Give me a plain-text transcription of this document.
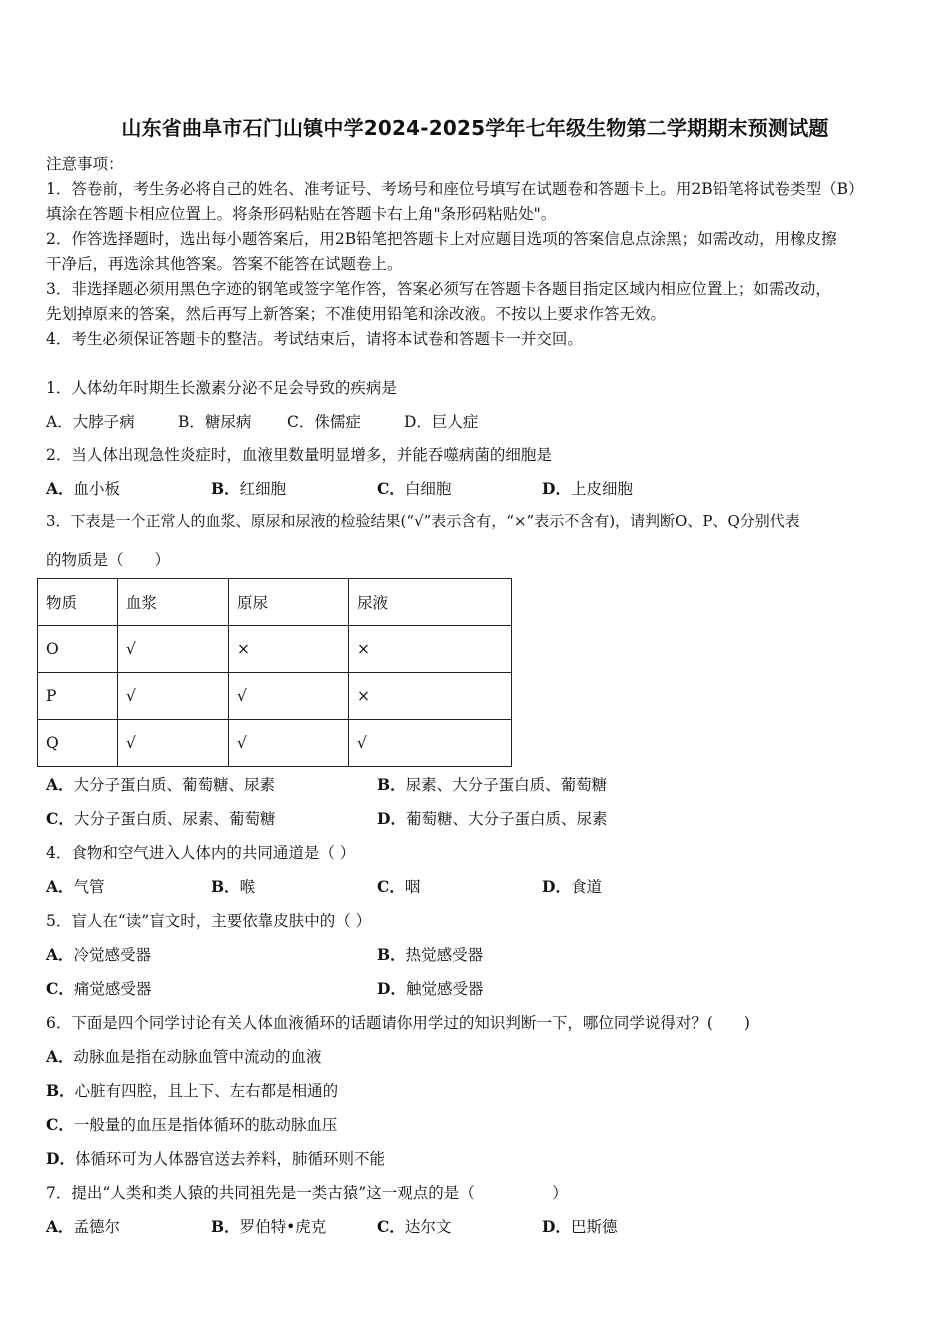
山东省曲阜市石门山镇中学2024-2025学年七年级生物第二学期期末预测试题
注意事项：
1．答卷前，考生务必将自己的姓名、准考证号、考场号和座位号填写在试题卷和答题卡上。用2B铅笔将试卷类型（B）
填涂在答题卡相应位置上。将条形码粘贴在答题卡右上角"条形码粘贴处"。
2．作答选择题时，选出每小题答案后，用2B铅笔把答题卡上对应题目选项的答案信息点涂黑；如需改动，用橡皮擦
干净后，再选涂其他答案。答案不能答在试题卷上。
3．非选择题必须用黑色字迹的钢笔或签字笔作答，答案必须写在答题卡各题目指定区域内相应位置上；如需改动，
先划掉原来的答案，然后再写上新答案；不准使用铅笔和涂改液。不按以上要求作答无效。
4．考生必须保证答题卡的整洁。考试结束后，请将本试卷和答题卡一并交回。
1．人体幼年时期生长激素分泌不足会导致的疾病是
A．大脖子病	B．糖尿病 C．侏儒症	D．巨人症
2．当人体出现急性炎症时，血液里数量明显增多，并能吞噬病菌的细胞是
A．血小板	B．红细胞	C．白细胞	D．上皮细胞
3．下表是一个正常人的血浆、原尿和尿液的检验结果(“√”表示含有，“×”表示不含有)，请判断O、P、Q分别代表
的物质是（　　）
物质	血浆	原尿	尿液
O	√	×	×
P	√	√	×
Q	√	√	√
A．大分子蛋白质、葡萄糖、尿素	B．尿素、大分子蛋白质、葡萄糖
C．大分子蛋白质、尿素、葡萄糖	D．葡萄糖、大分子蛋白质、尿素
4．食物和空气进入人体内的共同通道是（ ）
A．气管	B．喉	C．咽	D．食道
5．盲人在“读”盲文时，主要依靠皮肤中的（ ）
A．冷觉感受器	B．热觉感受器
C．痛觉感受器	D．触觉感受器
6．下面是四个同学讨论有关人体血液循环的话题请你用学过的知识判断一下，哪位同学说得对？(　　)
A．动脉血是指在动脉血管中流动的血液
B．心脏有四腔，且上下、左右都是相通的
C．一般量的血压是指体循环的肱动脉血压
D．体循环可为人体器官送去养料，肺循环则不能
7．提出“人类和类人猿的共同祖先是一类古猿”这一观点的是（　　　　　）
A．孟德尔	B．罗伯特•虎克	C．达尔文	D．巴斯德
